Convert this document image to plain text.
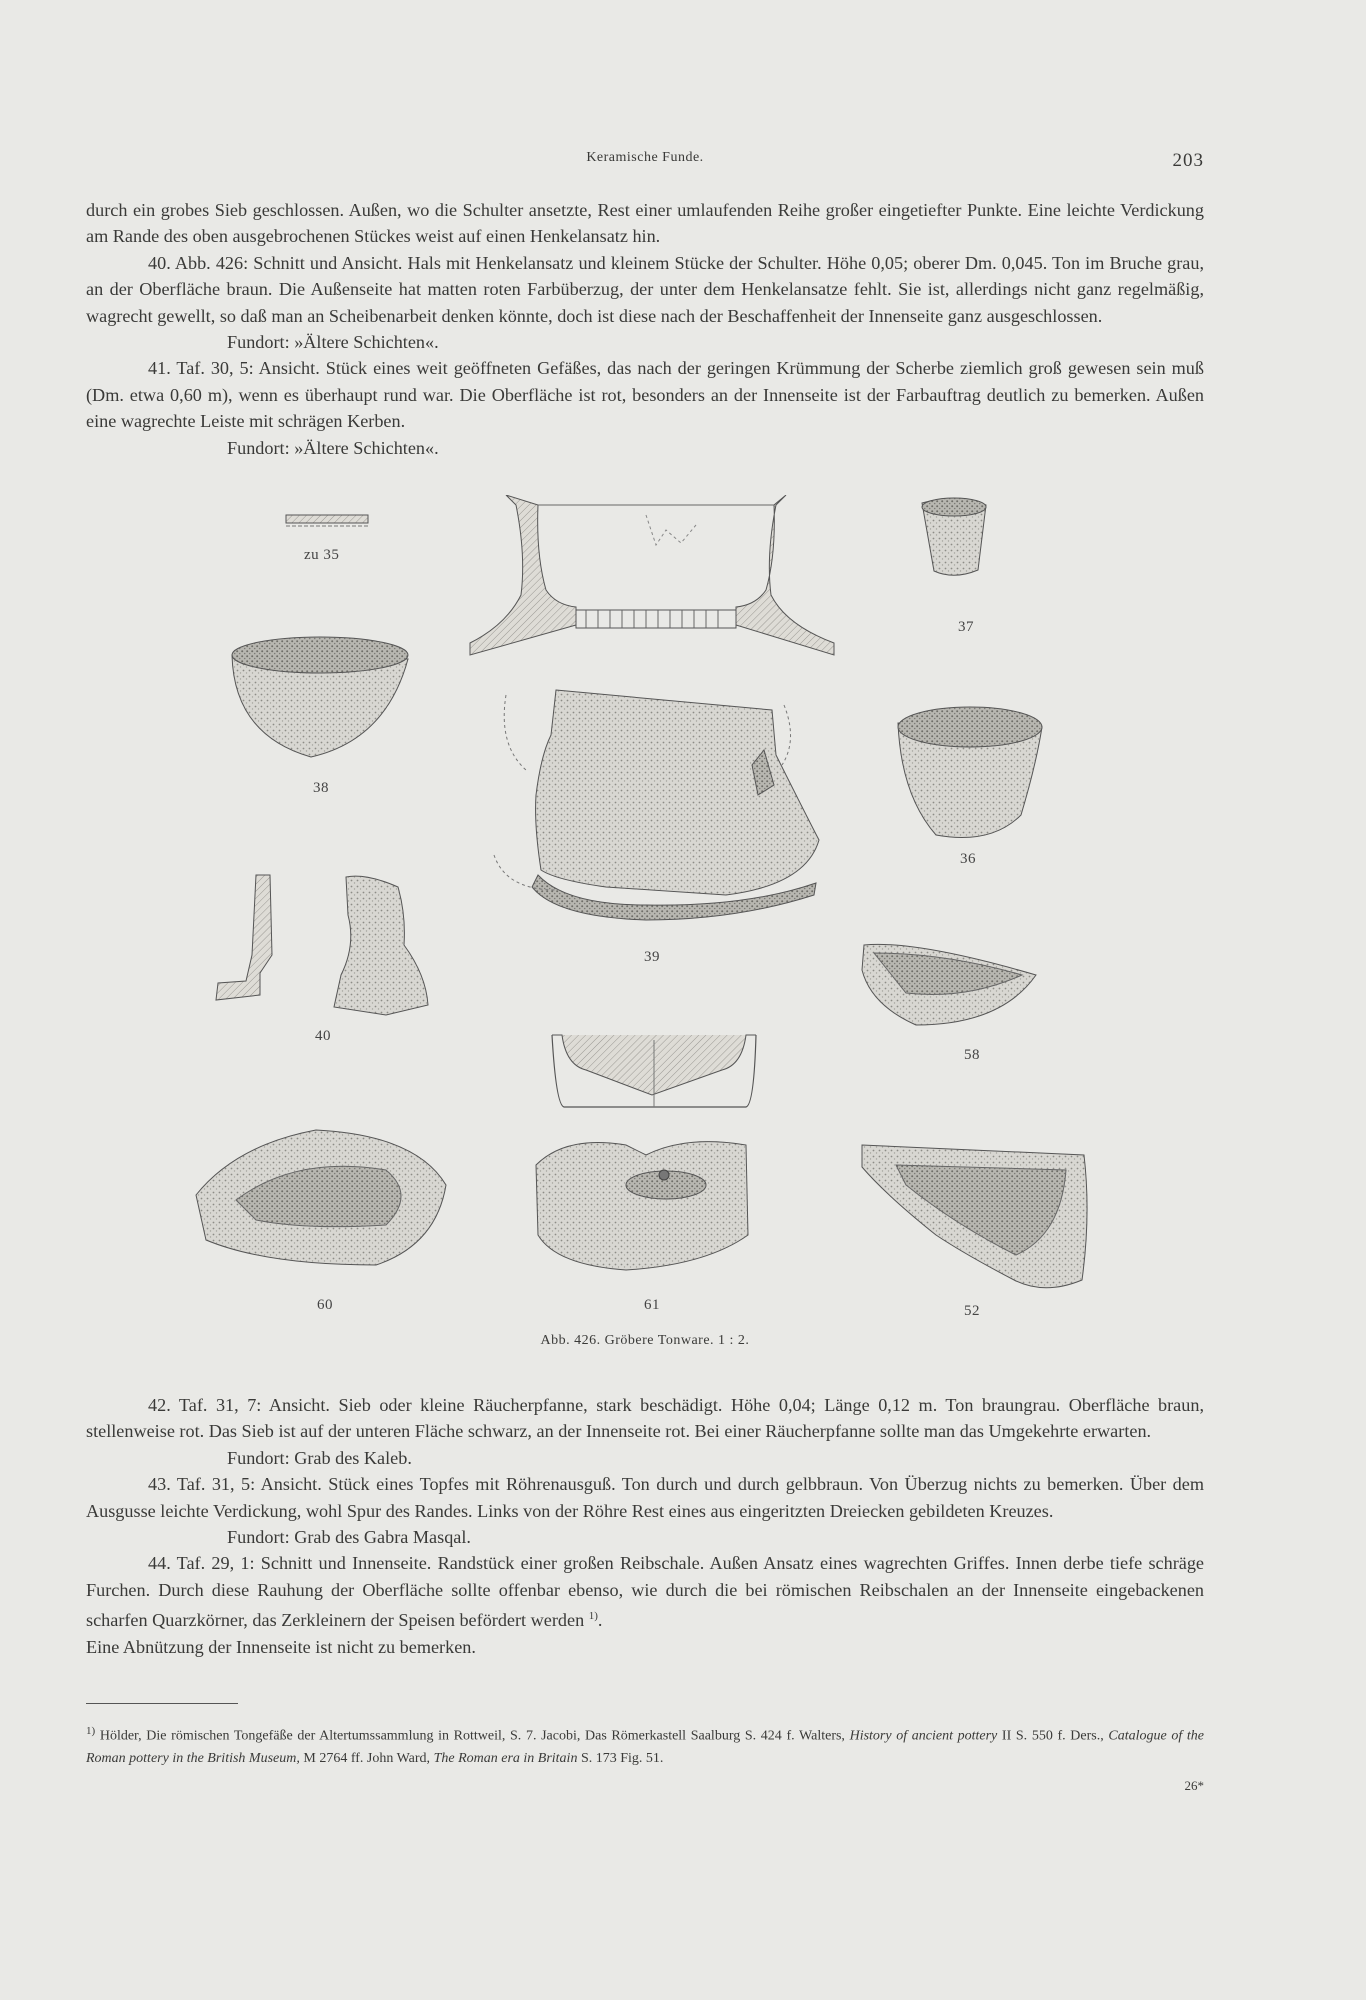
Keramische Funde.	203

durch ein grobes Sieb geschlossen. Außen, wo die Schulter ansetzte, Rest einer umlaufenden Reihe großer eingetiefter Punkte. Eine leichte Verdickung am Rande des oben ausgebrochenen Stückes weist auf einen Henkelansatz hin.

40. Abb. 426: Schnitt und Ansicht. Hals mit Henkelansatz und kleinem Stücke der Schulter. Höhe 0,05; oberer Dm. 0,045. Ton im Bruche grau, an der Oberfläche braun. Die Außenseite hat matten roten Farbüberzug, der unter dem Henkelansatze fehlt. Sie ist, allerdings nicht ganz regelmäßig, wagrecht gewellt, so daß man an Scheibenarbeit denken könnte, doch ist diese nach der Beschaffenheit der Innenseite ganz ausgeschlossen.

Fundort: »Ältere Schichten«.

41. Taf. 30, 5: Ansicht. Stück eines weit geöffneten Gefäßes, das nach der geringen Krümmung der Scherbe ziemlich groß gewesen sein muß (Dm. etwa 0,60 m), wenn es überhaupt rund war. Die Oberfläche ist rot, besonders an der Innenseite ist der Farbauftrag deutlich zu bemerken. Außen eine wagrechte Leiste mit schrägen Kerben.

Fundort: »Ältere Schichten«.

zu 35
37
38
36
39
40
58
60	61	52
Abb. 426. Gröbere Tonware. 1 : 2.

42. Taf. 31, 7: Ansicht. Sieb oder kleine Räucherpfanne, stark beschädigt. Höhe 0,04; Länge 0,12 m. Ton braungrau. Oberfläche braun, stellenweise rot. Das Sieb ist auf der unteren Fläche schwarz, an der Innenseite rot. Bei einer Räucherpfanne sollte man das Umgekehrte erwarten.

Fundort: Grab des Kaleb.

43. Taf. 31, 5: Ansicht. Stück eines Topfes mit Röhrenausguß. Ton durch und durch gelbbraun. Von Überzug nichts zu bemerken. Über dem Ausgusse leichte Verdickung, wohl Spur des Randes. Links von der Röhre Rest eines aus eingeritzten Dreiecken gebildeten Kreuzes.

Fundort: Grab des Gabra Masqal.

44. Taf. 29, 1: Schnitt und Innenseite. Randstück einer großen Reibschale. Außen Ansatz eines wagrechten Griffes. Innen derbe tiefe schräge Furchen. Durch diese Rauhung der Oberfläche sollte offenbar ebenso, wie durch die bei römischen Reibschalen an der Innenseite eingebackenen scharfen Quarzkörner, das Zerkleinern der Speisen befördert werden $^{1)}$.

Eine Abnützung der Innenseite ist nicht zu bemerken.

$^{1)}$ Hölder, Die römischen Tongefäße der Altertumssammlung in Rottweil, S. 7. Jacobi, Das Römerkastell Saalburg S. 424 f. Walters, History of ancient pottery II S. 550 f. Ders., Catalogue of the Roman pottery in the British Museum, M 2764 ff. John Ward, The Roman era in Britain S. 173 Fig. 51.
26*
